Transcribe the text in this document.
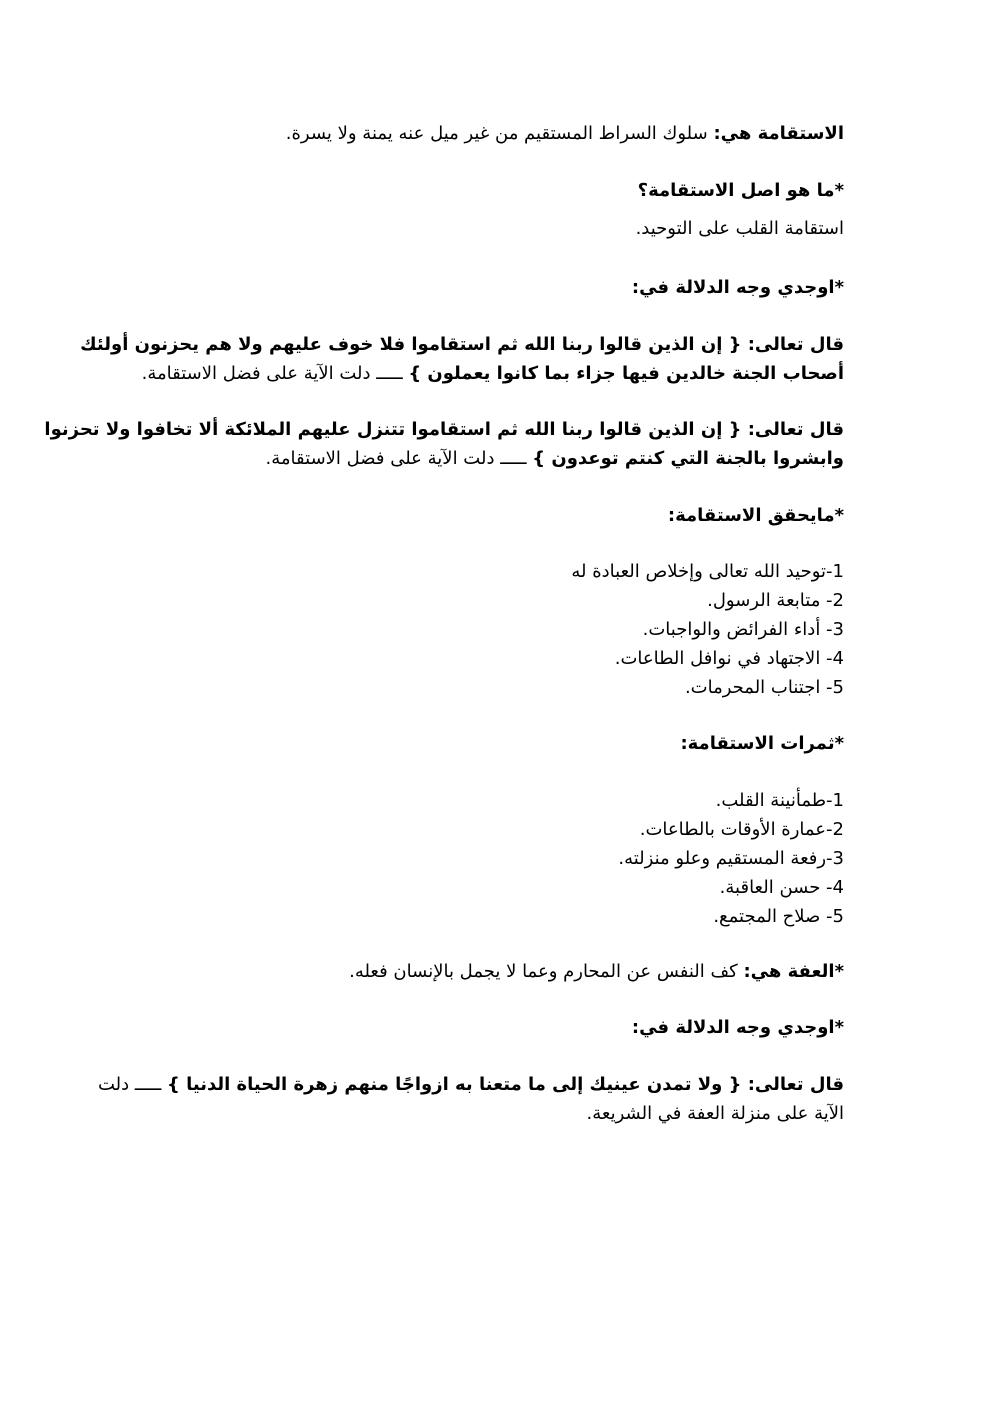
الاستقامة هي: سلوك السراط المستقيم من غير ميل عنه يمنة ولا يسرة.
*ما هو اصل الاستقامة؟
استقامة القلب على التوحيد.
*اوجدي وجه الدلالة في:
قال تعالى: { إن الذين قالوا ربنا الله ثم استقاموا فلا خوف عليهم ولا هم يحزنون أولئك
أصحاب الجنة خالدين فيها جزاء بما كانوا يعملون } ـــــ دلت الآية على فضل الاستقامة.
قال تعالى: { إن الذين قالوا ربنا الله ثم استقاموا تتنزل عليهم الملائكة ألا تخافوا ولا تحزنوا
وابشروا بالجنة التي كنتم توعدون } ـــــ دلت الآية على فضل الاستقامة.
*مايحقق الاستقامة:
1-توحيد الله تعالى وإخلاص العبادة له
2- متابعة الرسول.
3- أداء الفرائض والواجبات.
4- الاجتهاد في نوافل الطاعات.
5- اجتناب المحرمات.
*ثمرات الاستقامة:
1-طمأنينة القلب.
2-عمارة الأوقات بالطاعات.
3-رفعة المستقيم وعلو منزلته.
4- حسن العاقبة.
5- صلاح المجتمع.
*العفة هي: كف النفس عن المحارم وعما لا يجمل بالإنسان فعله.
*اوجدي وجه الدلالة في:
قال تعالى: { ولا تمدن عينيك إلى ما متعنا به ازواجًا منهم زهرة الحياة الدنيا } ـــــ دلت
الآية على منزلة العفة في الشريعة.
